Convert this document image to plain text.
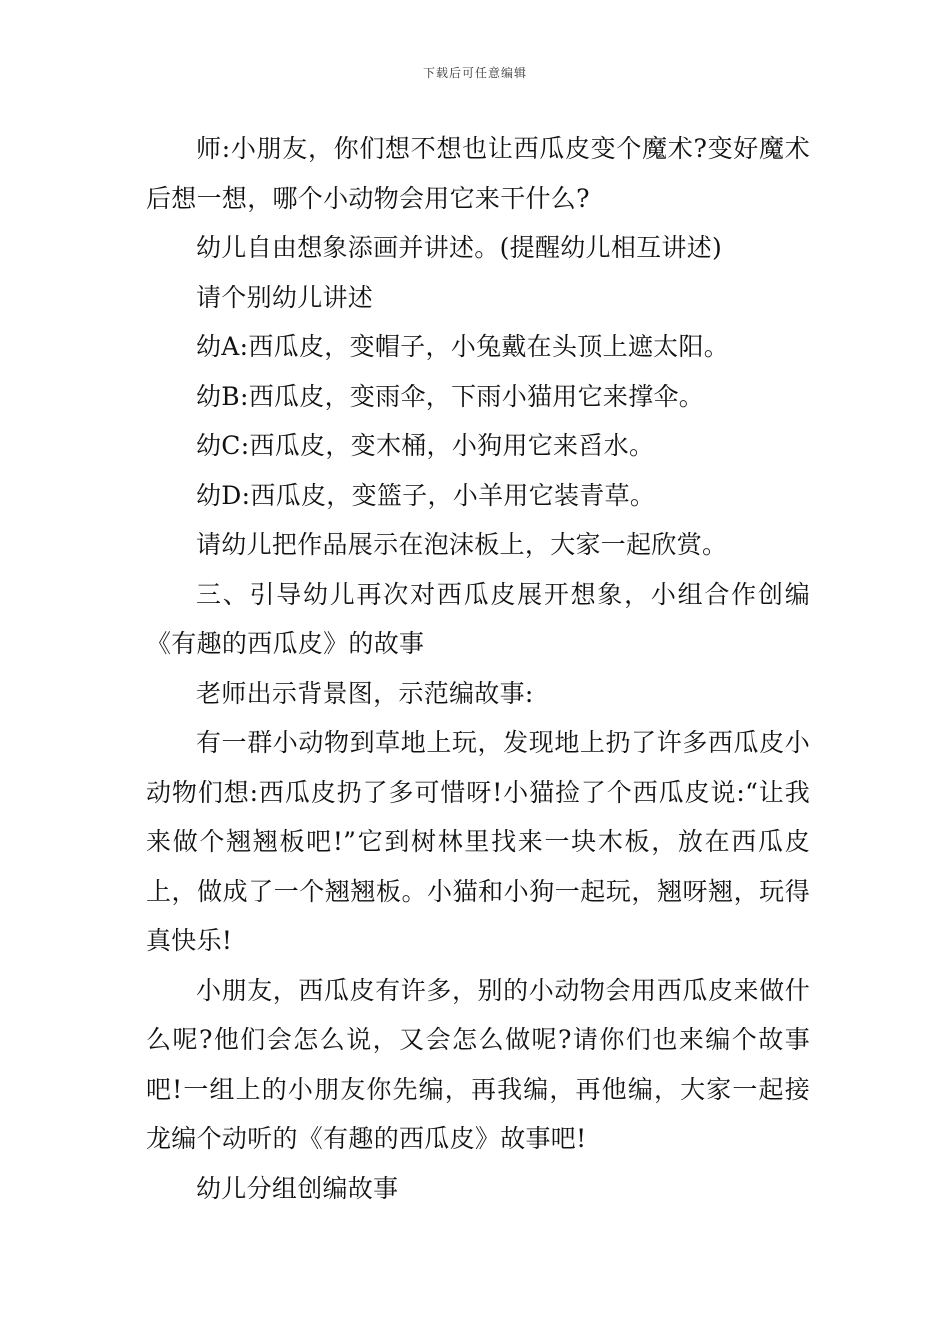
下载后可任意编辑

师:小朋友，你们想不想也让西瓜皮变个魔术?变好魔术后想一想，哪个小动物会用它来干什么?

幼儿自由想象添画并讲述。(提醒幼儿相互讲述)

请个别幼儿讲述

幼A:西瓜皮，变帽子，小兔戴在头顶上遮太阳。

幼B:西瓜皮，变雨伞，下雨小猫用它来撑伞。

幼C:西瓜皮，变木桶，小狗用它来舀水。

幼D:西瓜皮，变篮子，小羊用它装青草。

请幼儿把作品展示在泡沫板上，大家一起欣赏。

三、引导幼儿再次对西瓜皮展开想象，小组合作创编《有趣的西瓜皮》的故事

老师出示背景图，示范编故事:

有一群小动物到草地上玩，发现地上扔了许多西瓜皮小动物们想:西瓜皮扔了多可惜呀!小猫捡了个西瓜皮说:“让我来做个翘翘板吧!”它到树林里找来一块木板，放在西瓜皮上，做成了一个翘翘板。小猫和小狗一起玩，翘呀翘，玩得真快乐!

小朋友，西瓜皮有许多，别的小动物会用西瓜皮来做什么呢?他们会怎么说，又会怎么做呢?请你们也来编个故事吧!一组上的小朋友你先编，再我编，再他编，大家一起接龙编个动听的《有趣的西瓜皮》故事吧!

幼儿分组创编故事
